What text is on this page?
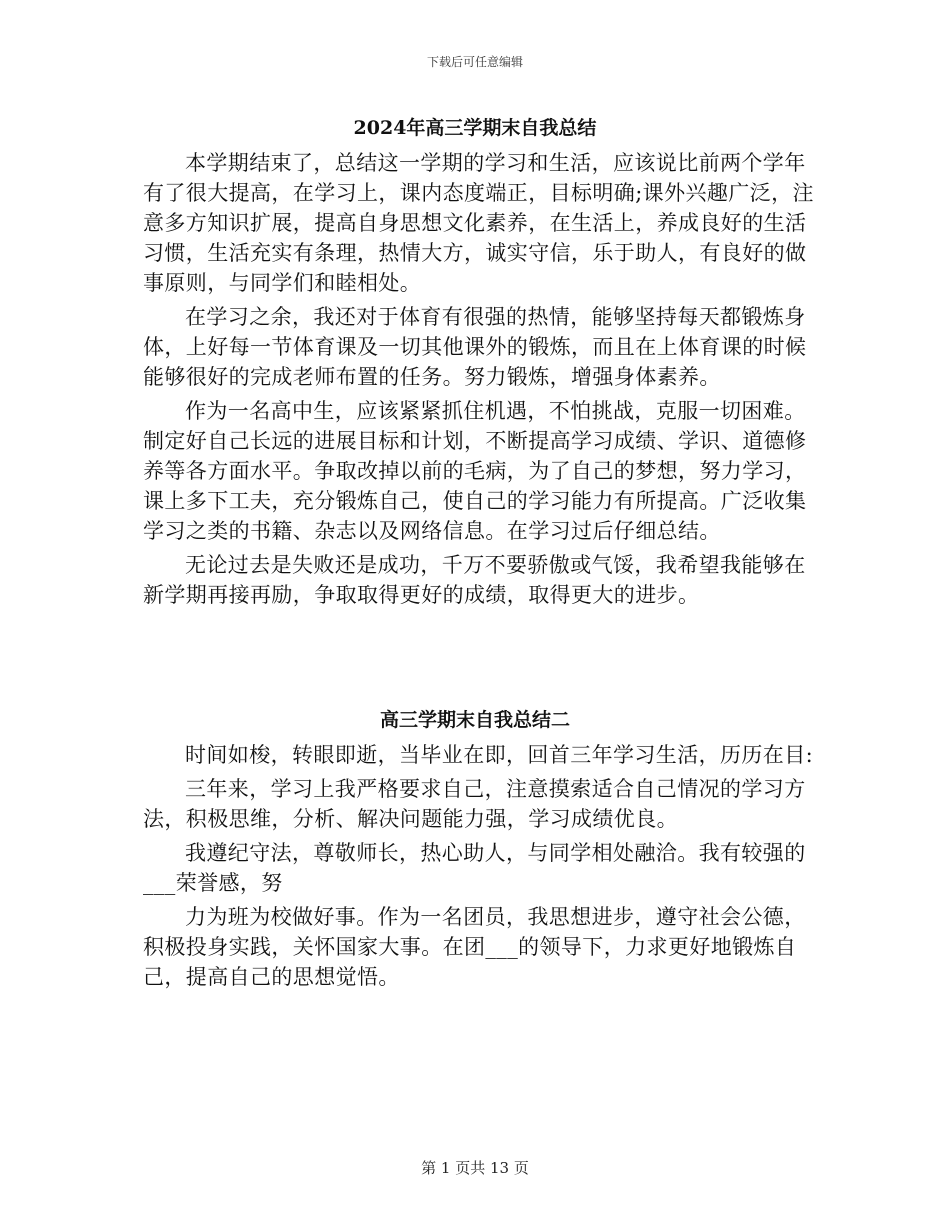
下载后可任意编辑
2024年高三学期末自我总结

本学期结束了，总结这一学期的学习和生活，应该说比前两个学年有了很大提高，在学习上，课内态度端正，目标明确;课外兴趣广泛，注意多方知识扩展，提高自身思想文化素养，在生活上，养成良好的生活习惯，生活充实有条理，热情大方，诚实守信，乐于助人，有良好的做事原则，与同学们和睦相处。

在学习之余，我还对于体育有很强的热情，能够坚持每天都锻炼身体，上好每一节体育课及一切其他课外的锻炼，而且在上体育课的时候能够很好的完成老师布置的任务。努力锻炼，增强身体素养。

作为一名高中生，应该紧紧抓住机遇，不怕挑战，克服一切困难。制定好自己长远的进展目标和计划，不断提高学习成绩、学识、道德修养等各方面水平。争取改掉以前的毛病，为了自己的梦想，努力学习，课上多下工夫，充分锻炼自己，使自己的学习能力有所提高。广泛收集学习之类的书籍、杂志以及网络信息。在学习过后仔细总结。

无论过去是失败还是成功，千万不要骄傲或气馁，我希望我能够在新学期再接再励，争取取得更好的成绩，取得更大的进步。

高三学期末自我总结二

时间如梭，转眼即逝，当毕业在即，回首三年学习生活，历历在目:

三年来，学习上我严格要求自己，注意摸索适合自己情况的学习方法，积极思维，分析、解决问题能力强，学习成绩优良。

我遵纪守法，尊敬师长，热心助人，与同学相处融洽。我有较强的___荣誉感，努

力为班为校做好事。作为一名团员，我思想进步，遵守社会公德，积极投身实践，关怀国家大事。在团___的领导下，力求更好地锻炼自己，提高自己的思想觉悟。

第 1 页共 13 页
